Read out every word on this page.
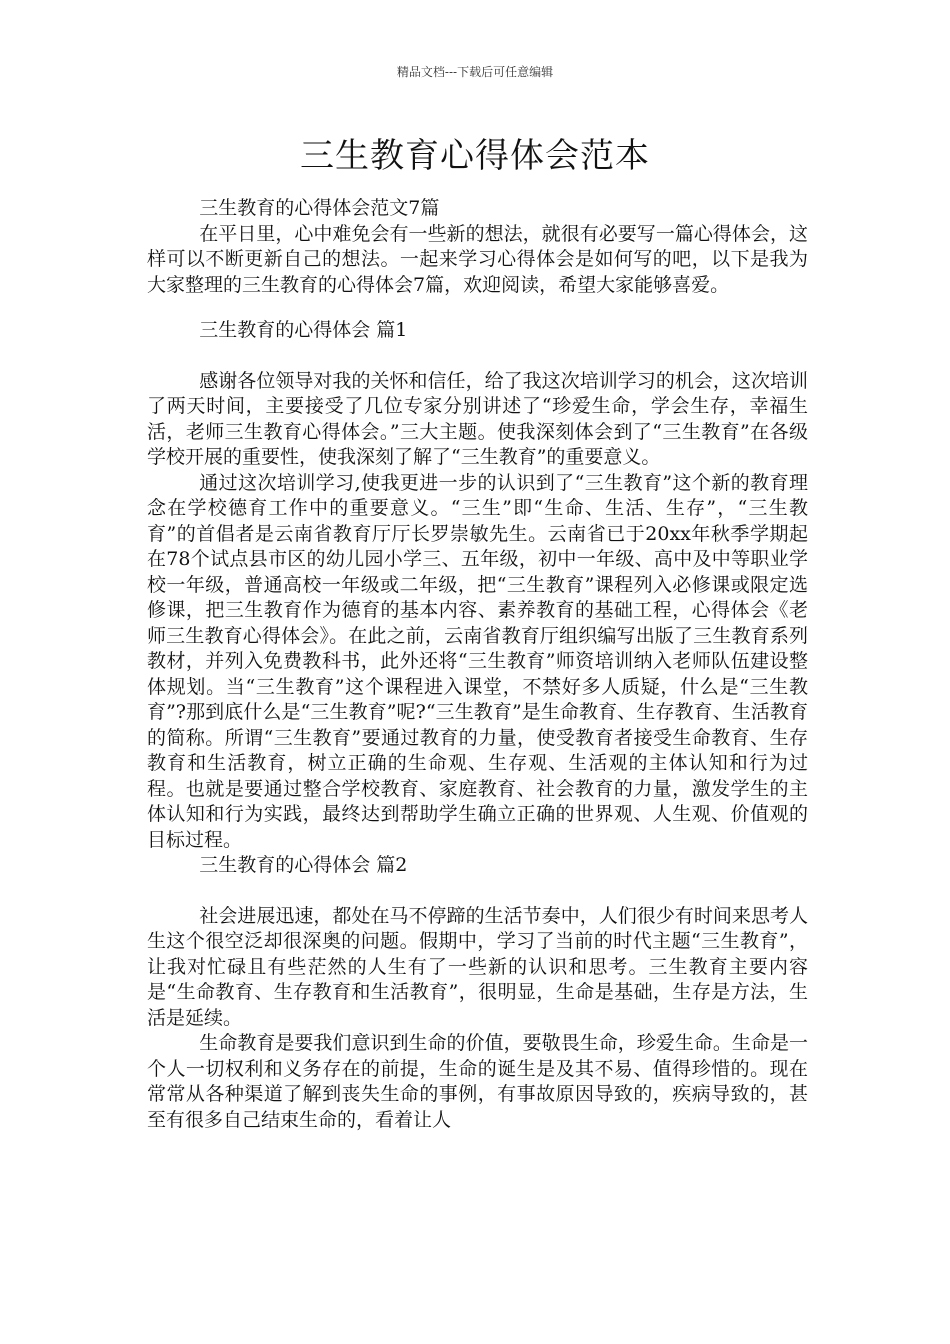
精品文档---下载后可任意编辑
三生教育心得体会范本

三生教育的心得体会范文7篇

在平日里，心中难免会有一些新的想法，就很有必要写一篇心得体会，这样可以不断更新自己的想法。一起来学习心得体会是如何写的吧，以下是我为大家整理的三生教育的心得体会7篇，欢迎阅读，希望大家能够喜爱。

三生教育的心得体会 篇1

感谢各位领导对我的关怀和信任，给了我这次培训学习的机会，这次培训了两天时间，主要接受了几位专家分别讲述了“珍爱生命，学会生存，幸福生活，老师三生教育心得体会。”三大主题。使我深刻体会到了“三生教育”在各级学校开展的重要性，使我深刻了解了“三生教育”的重要意义。

通过这次培训学习,使我更进一步的认识到了“三生教育”这个新的教育理念在学校德育工作中的重要意义。“三生”即“生命、生活、生存”，“三生教育”的首倡者是云南省教育厅厅长罗崇敏先生。云南省已于20xx年秋季学期起在78个试点县市区的幼儿园小学三、五年级，初中一年级、高中及中等职业学校一年级，普通高校一年级或二年级，把“三生教育”课程列入必修课或限定选修课，把三生教育作为德育的基本内容、素养教育的基础工程，心得体会《老师三生教育心得体会》。在此之前，云南省教育厅组织编写出版了三生教育系列教材，并列入免费教科书，此外还将“三生教育”师资培训纳入老师队伍建设整体规划。当“三生教育”这个课程进入课堂，不禁好多人质疑，什么是“三生教育”?那到底什么是“三生教育”呢?“三生教育”是生命教育、生存教育、生活教育的简称。所谓“三生教育”要通过教育的力量，使受教育者接受生命教育、生存教育和生活教育，树立正确的生命观、生存观、生活观的主体认知和行为过程。也就是要通过整合学校教育、家庭教育、社会教育的力量，激发学生的主体认知和行为实践，最终达到帮助学生确立正确的世界观、人生观、价值观的目标过程。

三生教育的心得体会 篇2

社会进展迅速，都处在马不停蹄的生活节奏中，人们很少有时间来思考人生这个很空泛却很深奥的问题。假期中，学习了当前的时代主题“三生教育”，让我对忙碌且有些茫然的人生有了一些新的认识和思考。三生教育主要内容是“生命教育、生存教育和生活教育”，很明显，生命是基础，生存是方法，生活是延续。

生命教育是要我们意识到生命的价值，要敬畏生命，珍爱生命。生命是一个人一切权利和义务存在的前提，生命的诞生是及其不易、值得珍惜的。现在常常从各种渠道了解到丧失生命的事例，有事故原因导致的，疾病导致的，甚至有很多自己结束生命的，看着让人
